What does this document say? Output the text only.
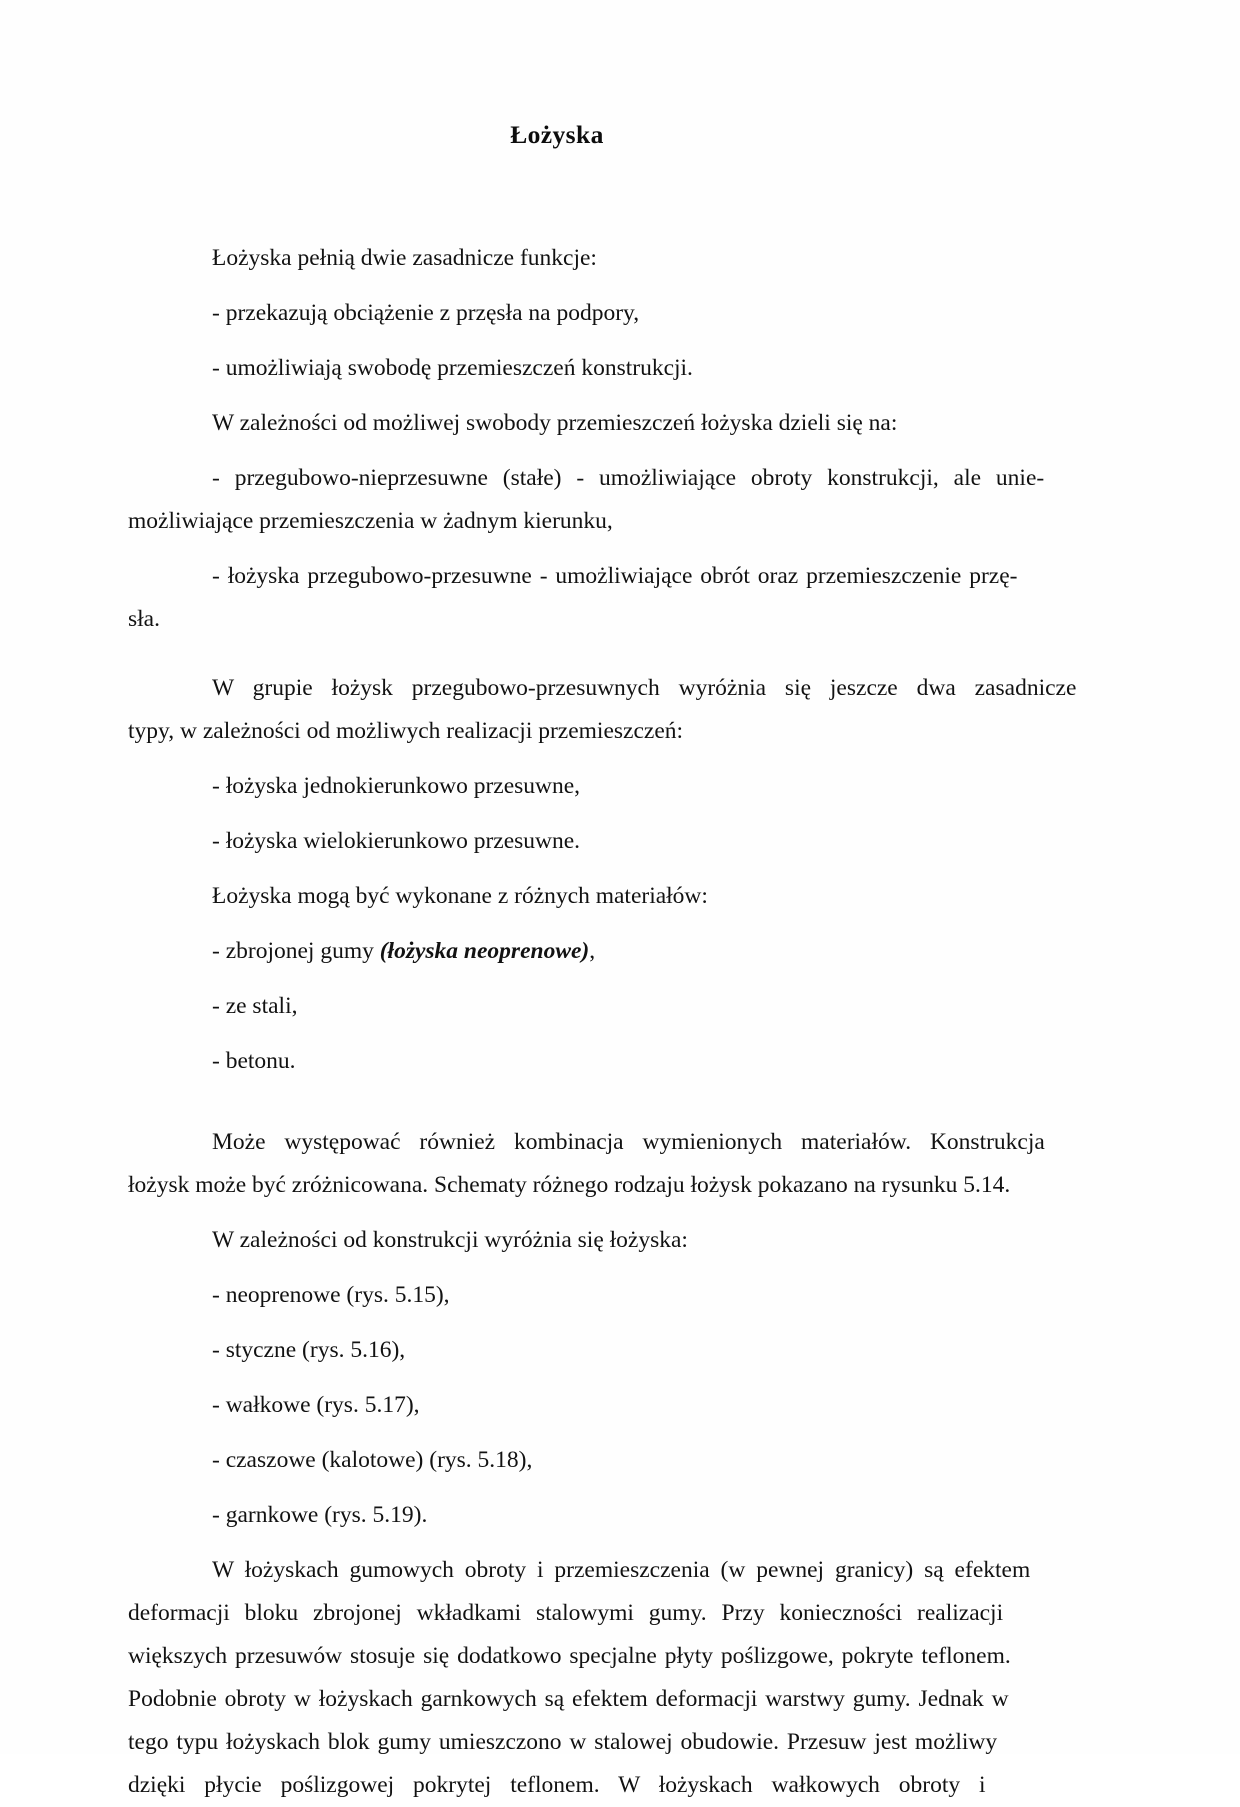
Łożyska

Łożyska pełnią dwie zasadnicze funkcje:

- przekazują obciążenie z przęsła na podpory,

- umożliwiają swobodę przemieszczeń konstrukcji.

W zależności od możliwej swobody przemieszczeń łożyska dzieli się na:

- przegubowo-nieprzesuwne (stałe) - umożliwiające obroty konstrukcji, ale unie-

możliwiające przemieszczenia w żadnym kierunku,

- łożyska przegubowo-przesuwne - umożliwiające obrót oraz przemieszczenie przę-

sła.

W grupie łożysk przegubowo-przesuwnych wyróżnia się jeszcze dwa zasadnicze

typy, w zależności od możliwych realizacji przemieszczeń:

- łożyska jednokierunkowo przesuwne,

- łożyska wielokierunkowo przesuwne.

Łożyska mogą być wykonane z różnych materiałów:

- zbrojonej gumy (łożyska neoprenowe),

- ze stali,

- betonu.

Może występować również kombinacja wymienionych materiałów. Konstrukcja

łożysk może być zróżnicowana. Schematy różnego rodzaju łożysk pokazano na rysunku 5.14.

W zależności od konstrukcji wyróżnia się łożyska:

- neoprenowe (rys. 5.15),

- styczne (rys. 5.16),

- wałkowe (rys. 5.17),

- czaszowe (kalotowe) (rys. 5.18),

- garnkowe (rys. 5.19).

W łożyskach gumowych obroty i przemieszczenia (w pewnej granicy) są efektem
deformacji bloku zbrojonej wkładkami stalowymi gumy. Przy konieczności realizacji
większych przesuwów stosuje się dodatkowo specjalne płyty poślizgowe, pokryte teflonem.
Podobnie obroty w łożyskach garnkowych są efektem deformacji warstwy gumy. Jednak w
tego typu łożyskach blok gumy umieszczono w stalowej obudowie. Przesuw jest możliwy
dzięki płycie poślizgowej pokrytej teflonem. W łożyskach wałkowych obroty i
